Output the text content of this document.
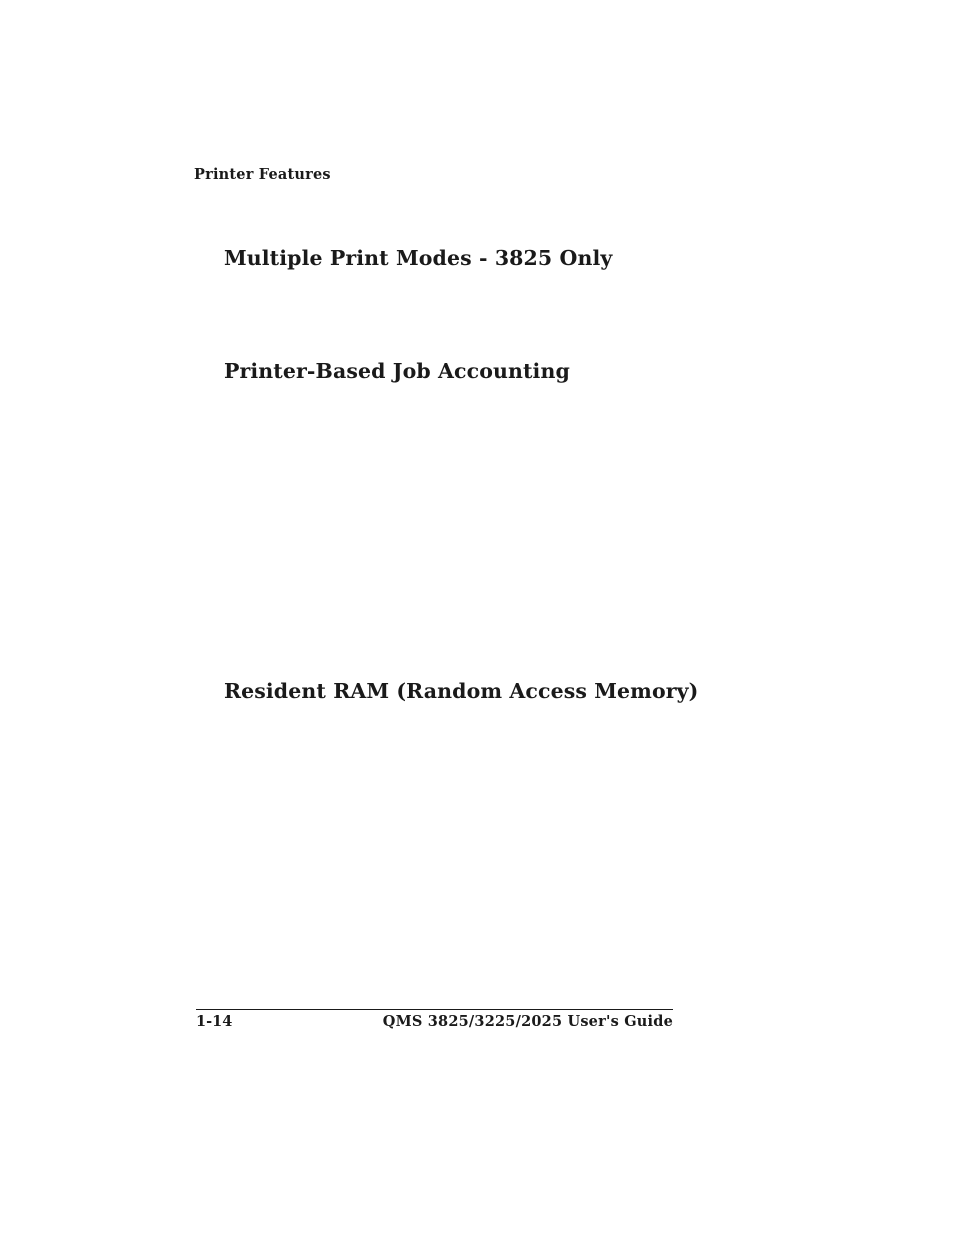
Printer Features
Multiple Print Modes - 3825 Only
Printer-Based Job Accounting
Resident RAM (Random Access Memory)
1-14	QMS 3825/3225/2025 User's Guide
